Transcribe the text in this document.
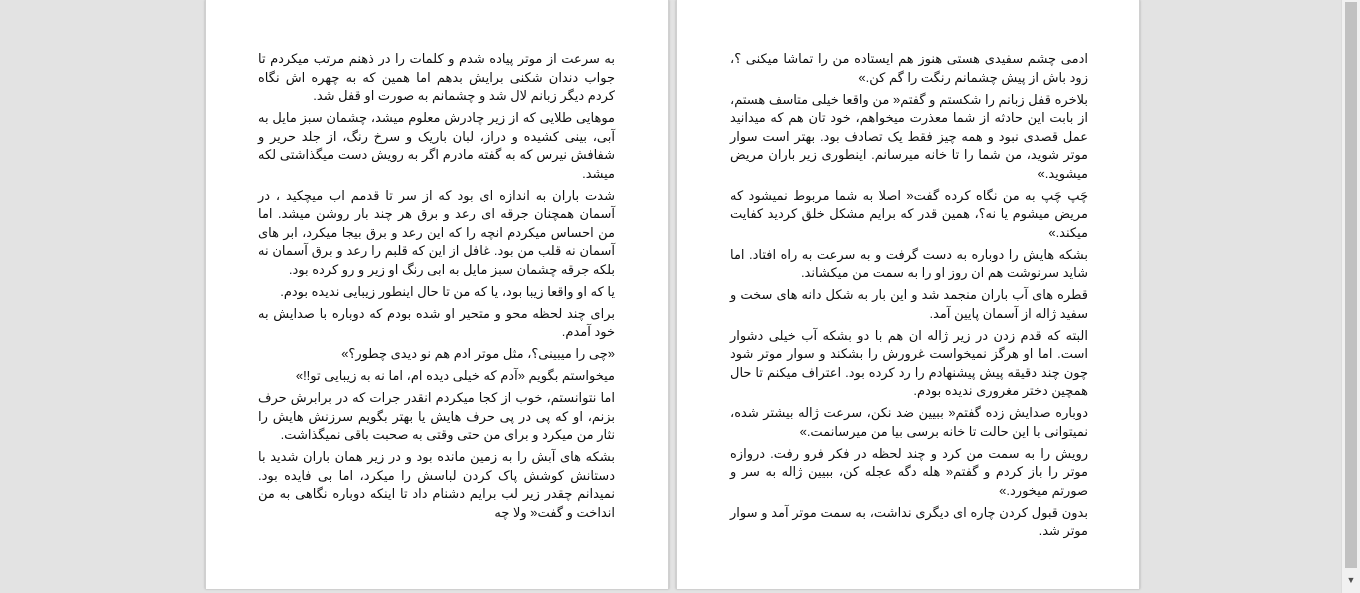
به سرعت از موتر پیاده شدم و کلمات را در ذهنم مرتب میکردم تا جواب دندان شکنی برایش بدهم اما همین که به چهره اش نگاه کردم دیگر زبانم لال شد و چشمانم به صورت او قفل شد.

موهایی طلایی که از زیر چادرش معلوم میشد، چشمان سبز مایل به آبی، بینی کشیده و دراز، لبان باریک و سرخ رنگ، از جلد حریر و شفافش نیرس که به گفته مادرم اگر به رویش دست میگذاشتی لکه میشد.

شدت باران به اندازه ای بود که از سر تا قدمم اب میچکید ، در آسمان همچنان جرقه ای رعد و برق هر چند بار روشن میشد. اما من احساس میکردم انچه را که این رعد و برق بیجا میکرد، ابر های آسمان نه قلب من بود. غافل از این که قلبم را رعد و برق آسمان نه بلکه جرقه چشمان سبز مایل به ابی رنگ او زیر و رو کرده بود.

یا که او واقعا زیبا بود، یا که من تا حال اینطور زیبایی ندیده بودم.

برای چند لحظه محو و متحیر او شده بودم که دوباره با صدایش به خود آمدم.

«چی را میبینی؟، مثل موتر ادم هم نو دیدی چطور؟»

میخواستم بگویم «آدم که خیلی دیده ام، اما نه به زیبایی تو!!»

اما نتوانستم، خوب از کجا میکردم انقدر جرات که در برابرش حرف بزنم، او که پی در پی حرف هایش یا بهتر بگویم سرزنش هایش را نثار من میکرد و برای من حتی وقتی به صحبت باقی نمیگذاشت.

بشکه های آبش را به زمین مانده بود و در زیر همان باران شدید با دستانش کوشش پاک کردن لباسش را میکرد، اما بی فایده بود. نمیدانم چقدر زیر لب برایم دشنام داد تا اینکه دوباره نگاهی به من انداخت و گفت« ولا چه

ادمی چشم سفیدی هستی هنوز هم ایستاده من را تماشا میکنی ؟، زود باش از پیش چشمانم رنگت را گم کن.»

بلاخره قفل زبانم را شکستم و گفتم« من واقعا خیلی متاسف هستم، از بابت این حادثه از شما معذرت میخواهم، خود تان هم که میدانید عمل قصدی نبود و همه چیز فقط یک تصادف بود. بهتر است سوار موتر شوید، من شما را تا خانه میرسانم. اینطوری زیر باران مریض میشوید.»

چَپ چَپ به من نگاه کرده گفت« اصلا به شما مربوط نمیشود که مریض میشوم یا نه؟، همین قدر که برایم مشکل خلق کردید کفایت میکند.»

بشکه هایش را دوباره به دست گرفت و به سرعت به راه افتاد. اما شاید سرنوشت هم ان روز او را به سمت من میکشاند.

قطره های آب باران منجمد شد و این بار به شکل دانه های سخت و سفید ژاله از آسمان پایین آمد.

البته که قدم زدن در زیر ژاله ان هم با دو بشکه آب خیلی دشوار است. اما او هرگز نمیخواست غرورش را بشکند و سوار موتر شود چون چند دقیقه پیش پیشنهادم را رد کرده بود. اعتراف میکنم تا حال همچین دختر مغروری ندیده بودم.

دوباره صدایش زده گفتم« ببیین ضد نکن، سرعت ژاله بیشتر شده، نمیتوانی با این حالت تا خانه برسی بیا من میرسانمت.»

رویش را به سمت من کرد و چند لحظه در فکر فرو رفت. دروازه موتر را باز کردم و گفتم« هله دگه عجله کن، ببیین ژاله به سر و صورتم میخورد.»

بدون قبول کردن چاره ای دیگری نداشت، به سمت موتر آمد و سوار موتر شد.

▼
